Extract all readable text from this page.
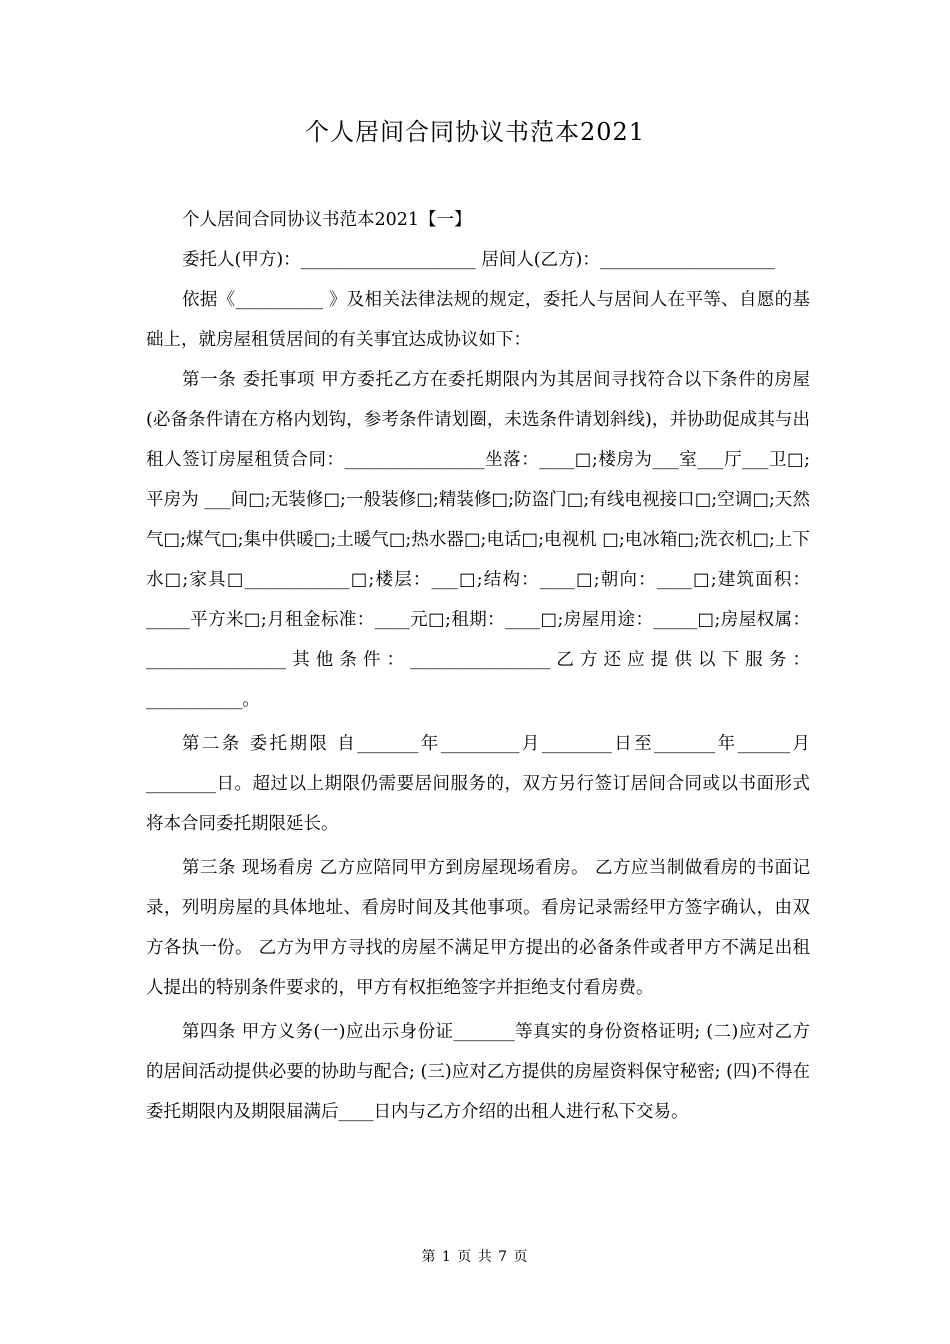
个人居间合同协议书范本2021

个人居间合同协议书范本2021【一】

委托人(甲方)：____________________ 居间人(乙方)：____________________

依据《__________ 》及相关法律法规的规定，委托人与居间人在平等、自愿的基础上，就房屋租赁居间的有关事宜达成协议如下：

第一条 委托事项 甲方委托乙方在委托期限内为其居间寻找符合以下条件的房屋(必备条件请在方格内划钩，参考条件请划圈，未选条件请划斜线)，并协助促成其与出租人签订房屋租赁合同：________________坐落：____□;楼房为___室___厅___卫□;平房为 ___间□;无装修□;一般装修□;精装修□;防盗门□;有线电视接口□;空调□;天然气□;煤气□;集中供暖□;土暖气□;热水器□;电话□;电视机 □;电冰箱□;洗衣机□;上下水□;家具□____________□;楼层：___□;结构：____□;朝向：____□;建筑面积：_____平方米□;月租金标准：____元□;租期：____□;房屋用途：_____□;房屋权属：________________其他条件：________________乙方还应提供以下服务：___________。

第二条 委托期限 自_______年_________月________日至_______年______月________日。超过以上期限仍需要居间服务的，双方另行签订居间合同或以书面形式将本合同委托期限延长。

第三条 现场看房 乙方应陪同甲方到房屋现场看房。 乙方应当制做看房的书面记录，列明房屋的具体地址、看房时间及其他事项。看房记录需经甲方签字确认，由双方各执一份。 乙方为甲方寻找的房屋不满足甲方提出的必备条件或者甲方不满足出租人提出的特别条件要求的，甲方有权拒绝签字并拒绝支付看房费。

第四条 甲方义务(一)应出示身份证_______等真实的身份资格证明; (二)应对乙方的居间活动提供必要的协助与配合; (三)应对乙方提供的房屋资料保守秘密; (四)不得在委托期限内及期限届满后____日内与乙方介绍的出租人进行私下交易。

第 1 页 共 7 页
